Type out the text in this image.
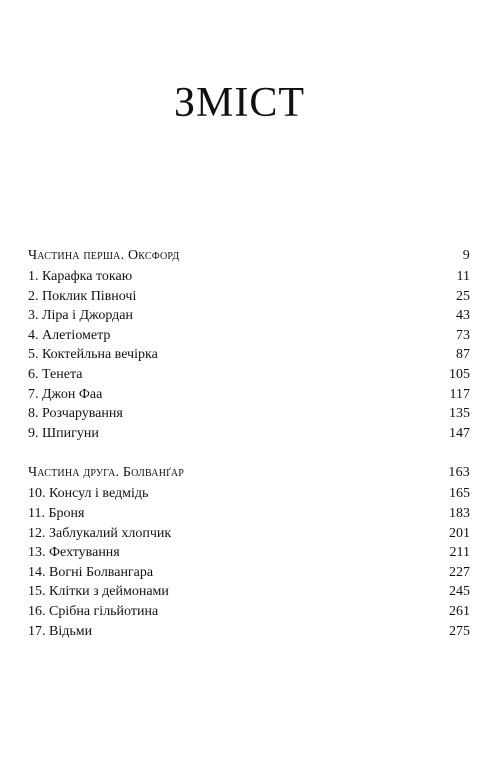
ЗМІСТ
Частина перша. Оксфорд	9
1. Карафка токаю	11
2. Поклик Півночі	25
3. Ліра і Джордан	43
4. Алетіометр	73
5. Коктейльна вечірка	87
6. Тенета	105
7. Джон Фаа	117
8. Розчарування	135
9. Шпигуни	147
Частина друга. Болванґар	163
10. Консул і ведмідь	165
11. Броня	183
12. Заблукалий хлопчик	201
13. Фехтування	211
14. Вогні Болвангара	227
15. Клітки з деймонами	245
16. Срібна гільйотина	261
17. Відьми	275
